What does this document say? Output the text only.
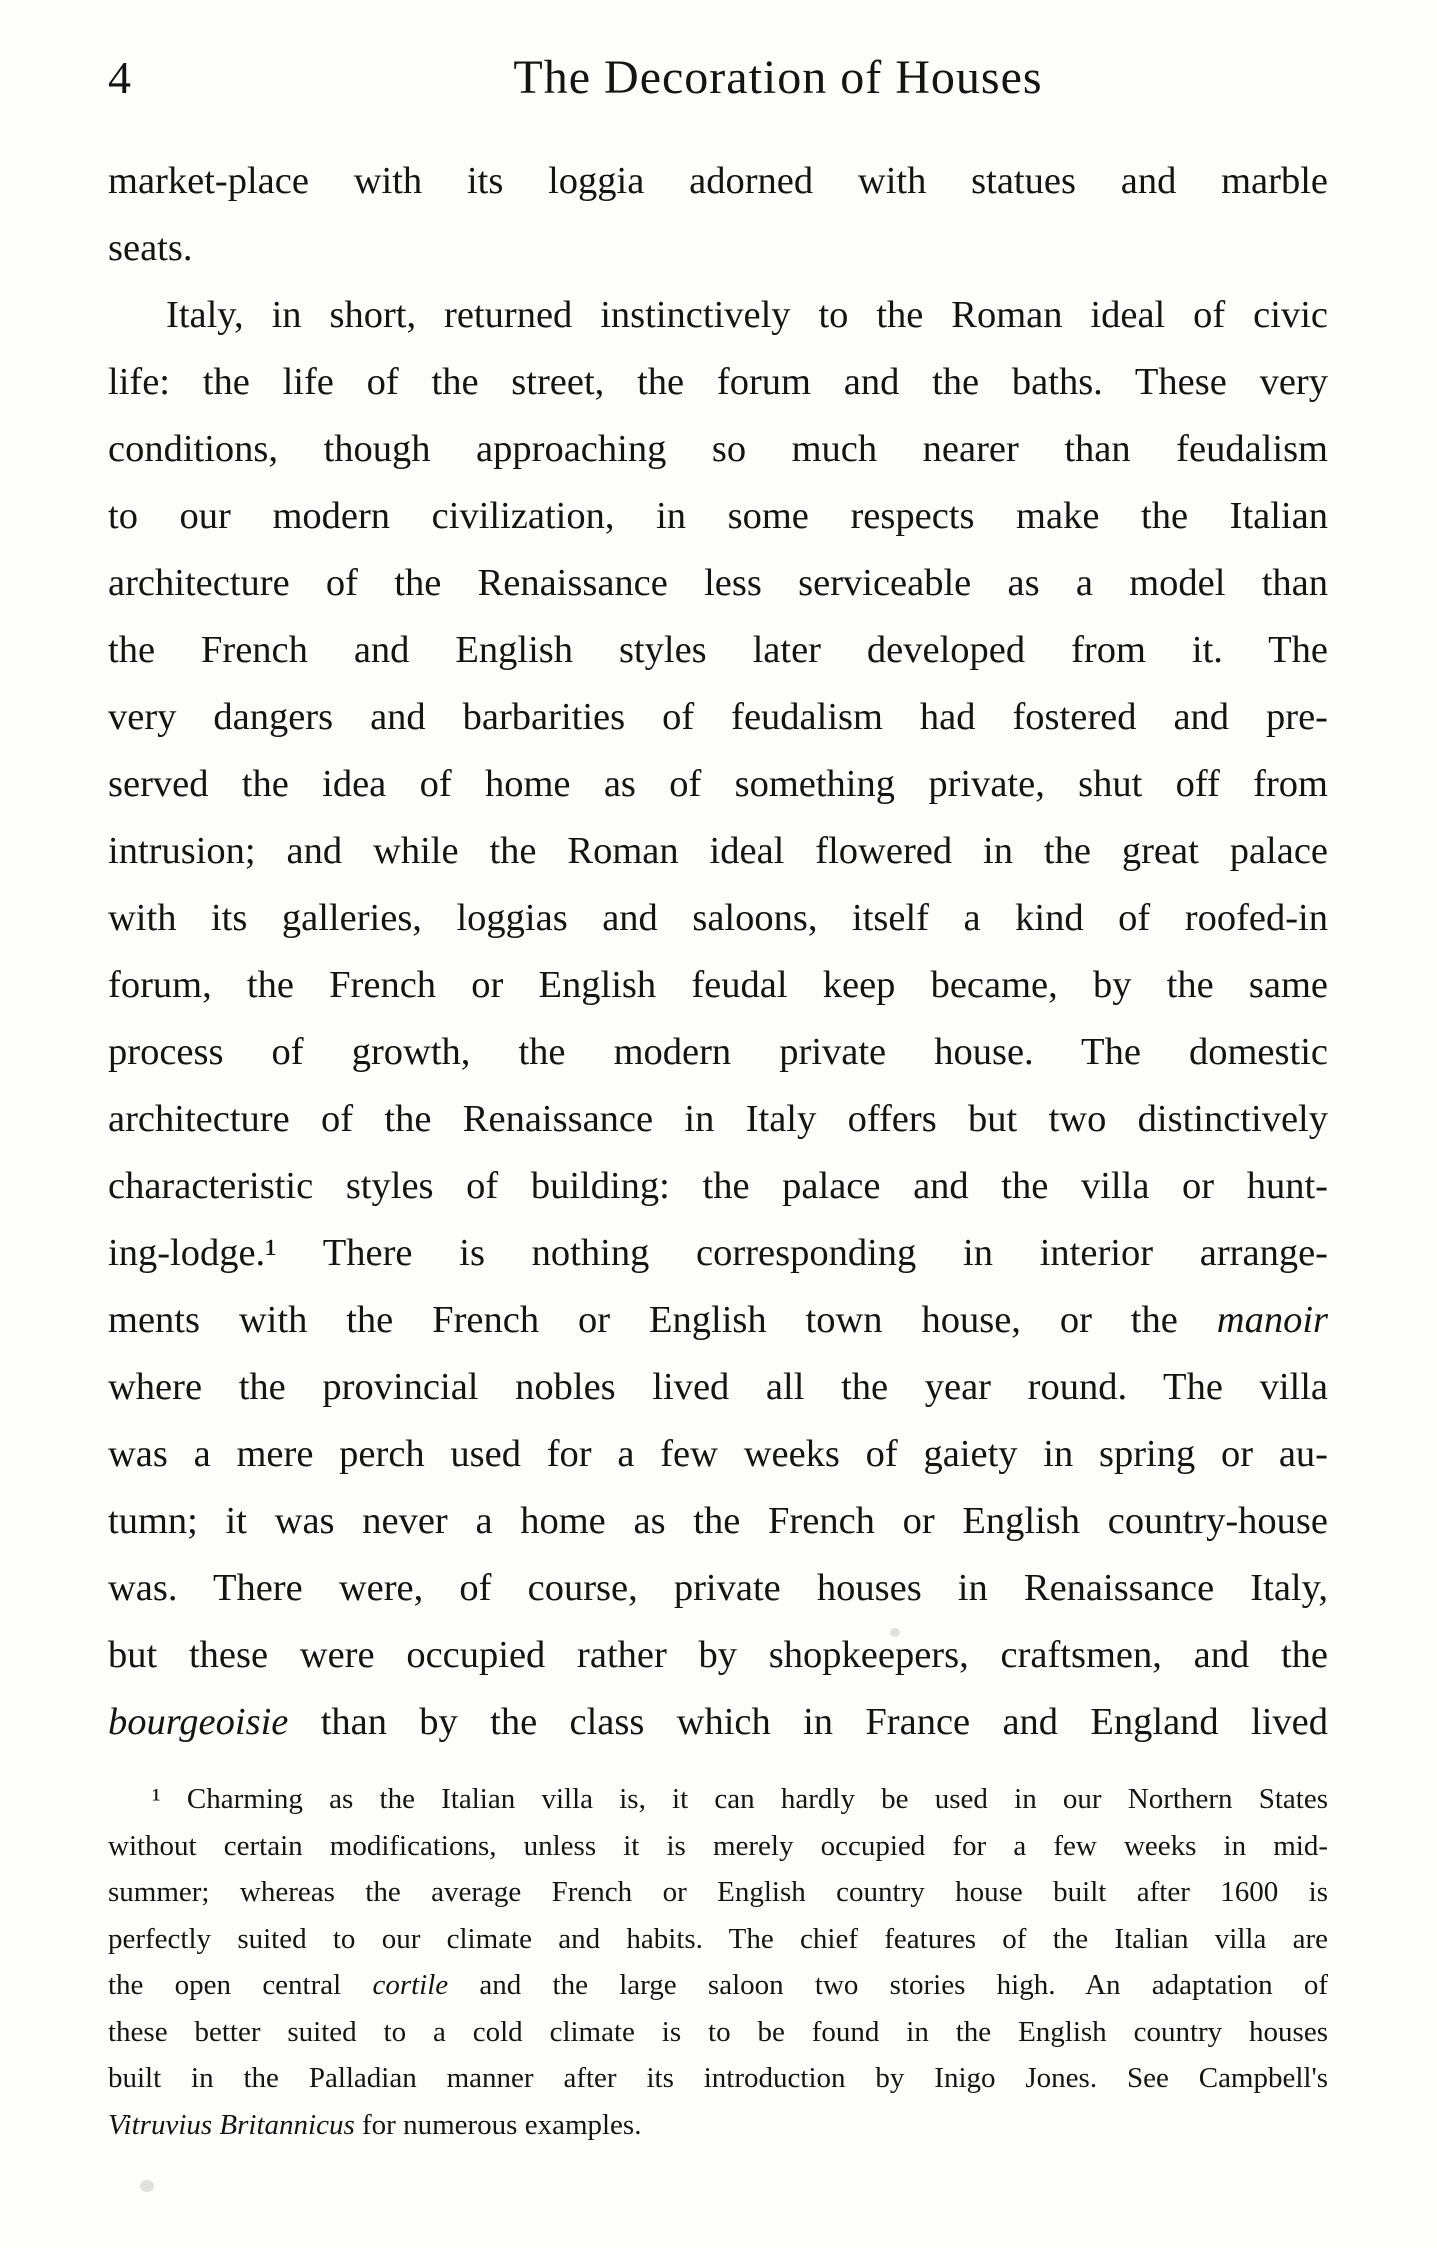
4	The Decoration of Houses
market-place with its loggia adorned with statues and marble
seats.
Italy, in short, returned instinctively to the Roman ideal of civic
life: the life of the street, the forum and the baths. These very
conditions, though approaching so much nearer than feudalism
to our modern civilization, in some respects make the Italian
architecture of the Renaissance less serviceable as a model than
the French and English styles later developed from it. The
very dangers and barbarities of feudalism had fostered and pre-
served the idea of home as of something private, shut off from
intrusion; and while the Roman ideal flowered in the great palace
with its galleries, loggias and saloons, itself a kind of roofed-in
forum, the French or English feudal keep became, by the same
process of growth, the modern private house. The domestic
architecture of the Renaissance in Italy offers but two distinctively
characteristic styles of building: the palace and the villa or hunt-
ing-lodge.¹ There is nothing corresponding in interior arrange-
ments with the French or English town house, or the manoir
where the provincial nobles lived all the year round. The villa
was a mere perch used for a few weeks of gaiety in spring or au-
tumn; it was never a home as the French or English country-house
was. There were, of course, private houses in Renaissance Italy,
but these were occupied rather by shopkeepers, craftsmen, and the
bourgeoisie than by the class which in France and England lived
¹ Charming as the Italian villa is, it can hardly be used in our Northern States
without certain modifications, unless it is merely occupied for a few weeks in mid-
summer; whereas the average French or English country house built after 1600 is
perfectly suited to our climate and habits. The chief features of the Italian villa are
the open central cortile and the large saloon two stories high. An adaptation of
these better suited to a cold climate is to be found in the English country houses
built in the Palladian manner after its introduction by Inigo Jones. See Campbell's
Vitruvius Britannicus for numerous examples.
